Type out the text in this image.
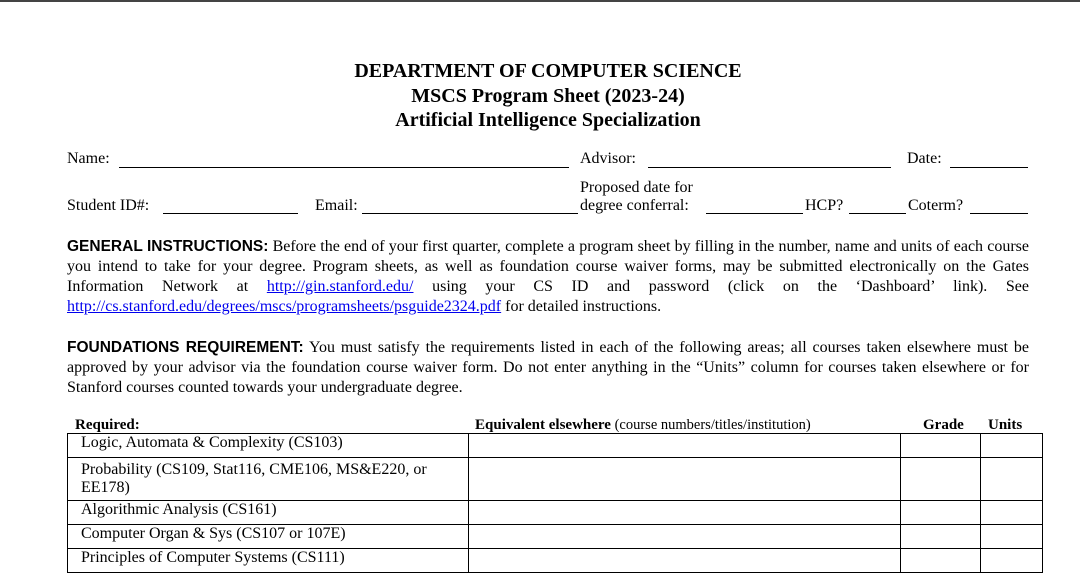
DEPARTMENT OF COMPUTER SCIENCE
MSCS Program Sheet (2023-24)
Artificial Intelligence Specialization
Name:	Advisor:	Date:
Student ID#:	Email:
Proposed date for
degree conferral:	HCP?	Coterm?
GENERAL INSTRUCTIONS: Before the end of your first quarter, complete a program sheet by filling in the number, name and units of each course you intend to take for your degree. Program sheets, as well as foundation course waiver forms, may be submitted electronically on the Gates Information Network at http://gin.stanford.edu/ using your CS ID and password (click on the ‘Dashboard’ link). See http://cs.stanford.edu/degrees/mscs/programsheets/psguide2324.pdf for detailed instructions.
FOUNDATIONS REQUIREMENT: You must satisfy the requirements listed in each of the following areas; all courses taken elsewhere must be approved by your advisor via the foundation course waiver form. Do not enter anything in the “Units” column for courses taken elsewhere or for Stanford courses counted towards your undergraduate degree.
Required:	Equivalent elsewhere (course numbers/titles/institution)	Grade Units
Logic, Automata & Complexity (CS103)			
Probability (CS109, Stat116, CME106, MS&E220, or EE178)			
Algorithmic Analysis (CS161)			
Computer Organ & Sys (CS107 or 107E)			
Principles of Computer Systems (CS111)			
